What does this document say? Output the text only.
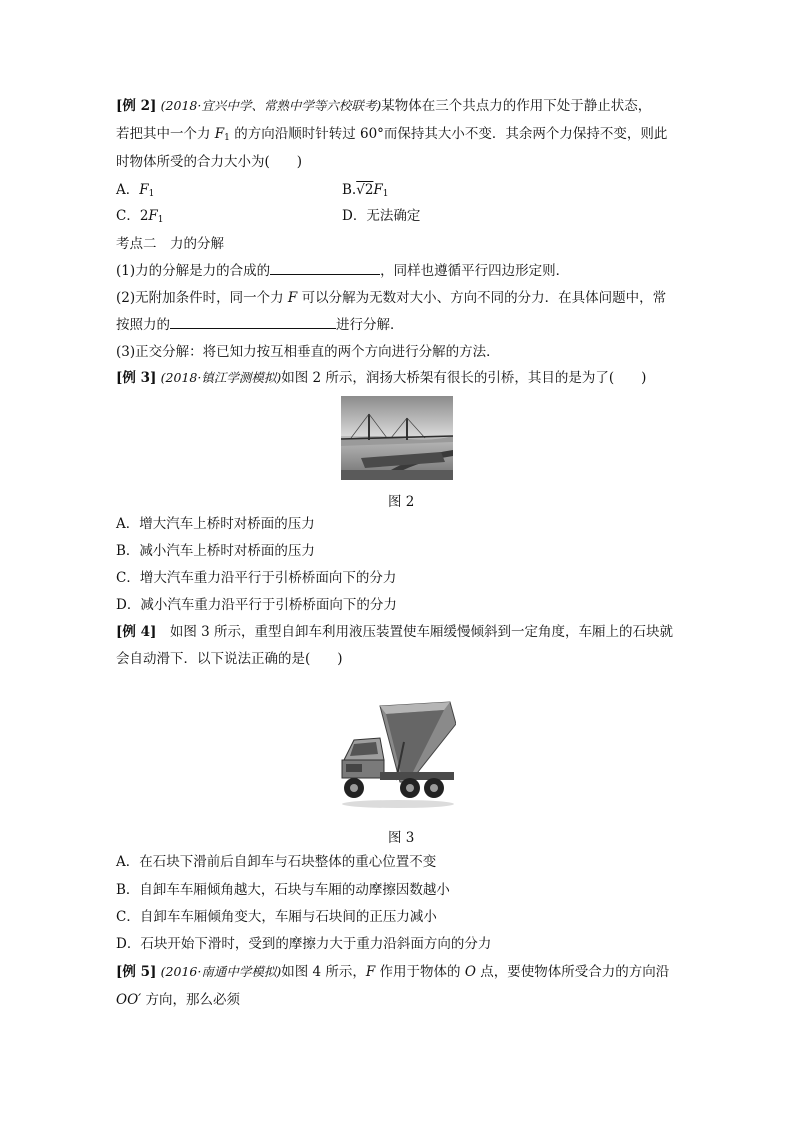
[例 2] (2018·宜兴中学、常熟中学等六校联考)某物体在三个共点力的作用下处于静止状态，
若把其中一个力 $F_1$ 的方向沿顺时针转过 60°而保持其大小不变．其余两个力保持不变，则此
时物体所受的合力大小为(　　)
A．$F_1$	$B.√2F_1$
C．$2F_1$	D．无法确定
考点二　力的分解
(1)力的分解是力的合成的	，同样也遵循平行四边形定则．
(2)无附加条件时，同一个力 F 可以分解为无数对大小、方向不同的分力．在具体问题中，常
按照力的	进行分解．
(3)正交分解：将已知力按互相垂直的两个方向进行分解的方法．
[例 3] (2018·镇江学测模拟)如图 2 所示，润扬大桥架有很长的引桥，其目的是为了(　　)
图 2
A．增大汽车上桥时对桥面的压力
B．减小汽车上桥时对桥面的压力
C．增大汽车重力沿平行于引桥桥面向下的分力
D．减小汽车重力沿平行于引桥桥面向下的分力
[例 4]　如图 3 所示，重型自卸车利用液压装置使车厢缓慢倾斜到一定角度，车厢上的石块就
会自动滑下．以下说法正确的是(　　)
图 3
A．在石块下滑前后自卸车与石块整体的重心位置不变
B．自卸车车厢倾角越大，石块与车厢的动摩擦因数越小
C．自卸车车厢倾角变大，车厢与石块间的正压力减小
D．石块开始下滑时，受到的摩擦力大于重力沿斜面方向的分力
[例 5] (2016·南通中学模拟)如图 4 所示，F 作用于物体的 O 点，要使物体所受合力的方向沿
OO′ 方向，那么必须
